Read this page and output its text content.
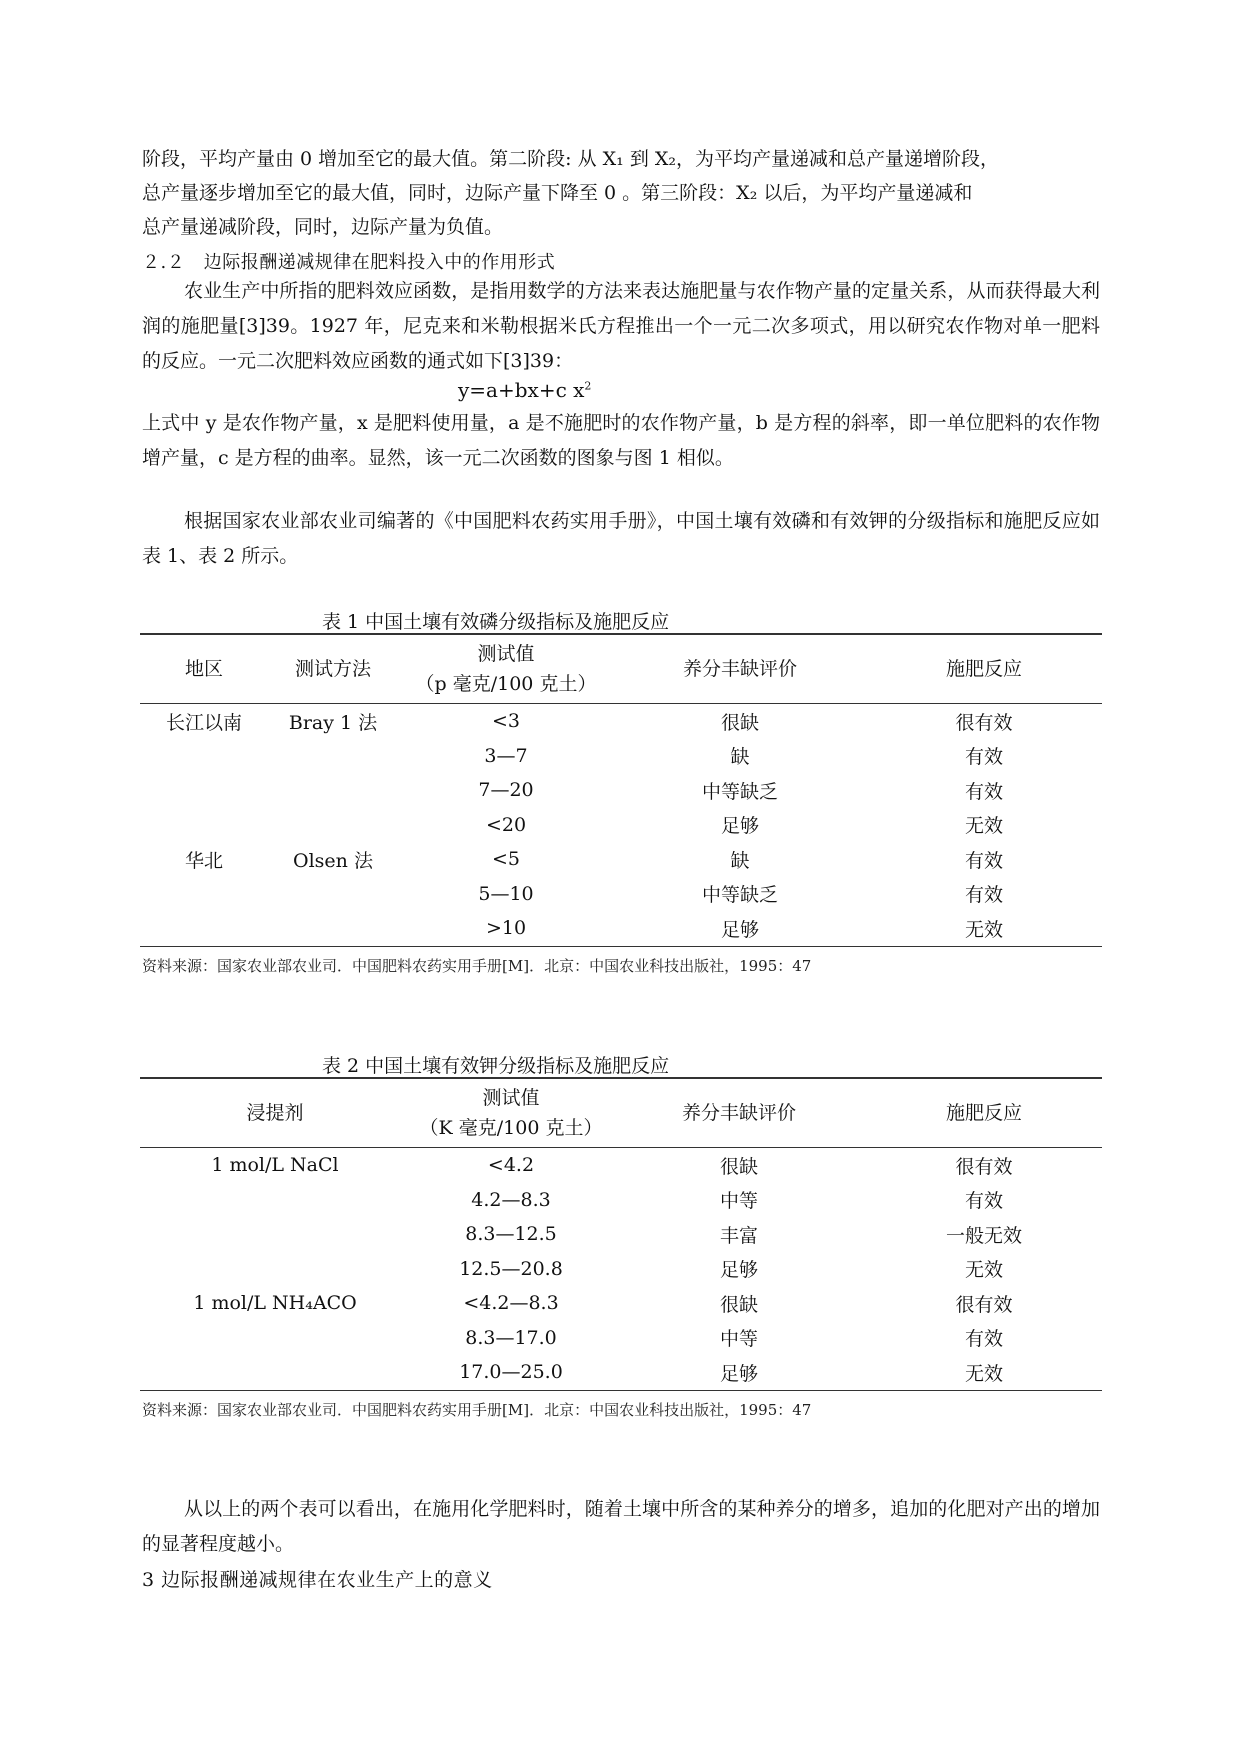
阶段，平均产量由 0 增加至它的最大值。第二阶段: 从 X₁ 到 X₂，为平均产量递减和总产量递增阶段，

总产量逐步增加至它的最大值，同时，边际产量下降至 0 。第三阶段：X₂ 以后，为平均产量递减和

总产量递减阶段，同时，边际产量为负值。

２.２　边际报酬递减规律在肥料投入中的作用形式

农业生产中所指的肥料效应函数，是指用数学的方法来表达施肥量与农作物产量的定量关系，从而获得最大利润的施肥量[3]39。1927 年，尼克来和米勒根据米氏方程推出一个一元二次多项式，用以研究农作物对单一肥料的反应。一元二次肥料效应函数的通式如下[3]39：

y=a+bx+c $x^2$

上式中 y 是农作物产量，x 是肥料使用量，a 是不施肥时的农作物产量，b 是方程的斜率，即一单位肥料的农作物增产量，c 是方程的曲率。显然，该一元二次函数的图象与图 1 相似。

根据国家农业部农业司编著的《中国肥料农药实用手册》，中国土壤有效磷和有效钾的分级指标和施肥反应如表 1、表 2 所示。

表 1 中国土壤有效磷分级指标及施肥反应

地区	测试方法	测试值
（p 毫克/100 克土）	养分丰缺评价	施肥反应
长江以南	Bray 1 法	<3	很缺	很有效
		3—7	缺	有效
		7—20	中等缺乏	有效
		<20	足够	无效
华北	Olsen 法	<5	缺	有效
		5—10	中等缺乏	有效
		>10	足够	无效

资料来源：国家农业部农业司．中国肥料农药实用手册[M]．北京：中国农业科技出版社，1995：47

表 2 中国土壤有效钾分级指标及施肥反应

浸提剂	测试值
（K 毫克/100 克土）	养分丰缺评价	施肥反应
1 mol/L NaCl	<4.2	很缺	很有效
	4.2—8.3	中等	有效
	8.3—12.5	丰富	一般无效
	12.5—20.8	足够	无效
1 mol/L NH₄ACO	<4.2—8.3	很缺	很有效
	8.3—17.0	中等	有效
	17.0—25.0	足够	无效

资料来源：国家农业部农业司．中国肥料农药实用手册[M]．北京：中国农业科技出版社，1995：47

从以上的两个表可以看出，在施用化学肥料时，随着土壤中所含的某种养分的增多，追加的化肥对产出的增加的显著程度越小。

3 边际报酬递减规律在农业生产上的意义
